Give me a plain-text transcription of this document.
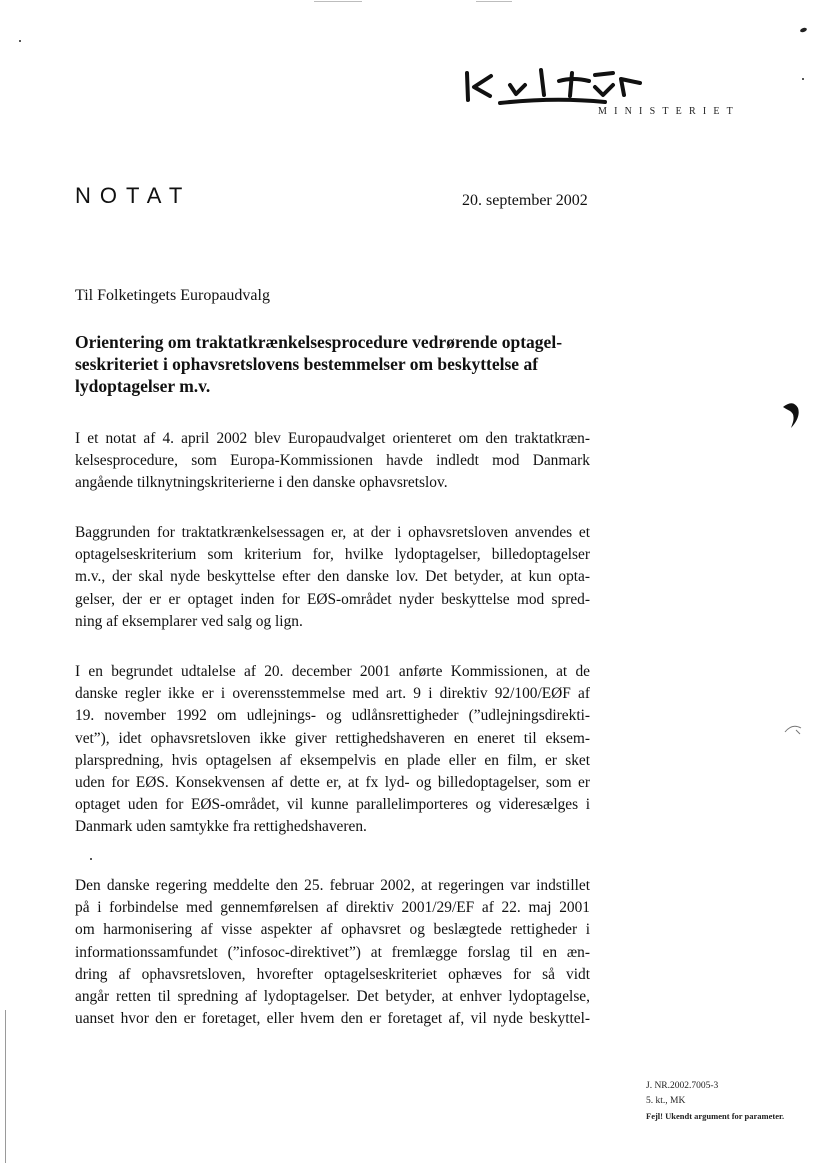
MINISTERIET
NOTAT	20. september 2002
Til Folketingets Europaudvalg
Orientering om traktatkrænkelsesprocedure vedrørende optagel-
seskriteriet i ophavsretslovens bestemmelser om beskyttelse af
lydoptagelser m.v.
I et notat af 4. april 2002 blev Europaudvalget orienteret om den traktatkræn-
kelsesprocedure, som Europa-Kommissionen havde indledt mod Danmark
angående tilknytningskriterierne i den danske ophavsretslov.
Baggrunden for traktatkrænkelsessagen er, at der i ophavsretsloven anvendes et
optagelseskriterium som kriterium for, hvilke lydoptagelser, billedoptagelser
m.v., der skal nyde beskyttelse efter den danske lov. Det betyder, at kun opta-
gelser, der er er optaget inden for EØS-området nyder beskyttelse mod spred-
ning af eksemplarer ved salg og lign.
I en begrundet udtalelse af 20. december 2001 anførte Kommissionen, at de
danske regler ikke er i overensstemmelse med art. 9 i direktiv 92/100/EØF af
19. november 1992 om udlejnings- og udlånsrettigheder (”udlejningsdirekti-
vet”), idet ophavsretsloven ikke giver rettighedshaveren en eneret til eksem-
plarspredning, hvis optagelsen af eksempelvis en plade eller en film, er sket
uden for EØS. Konsekvensen af dette er, at fx lyd- og billedoptagelser, som er
optaget uden for EØS-området, vil kunne parallelimporteres og videresælges i
Danmark uden samtykke fra rettighedshaveren.
Den danske regering meddelte den 25. februar 2002, at regeringen var indstillet
på i forbindelse med gennemførelsen af direktiv 2001/29/EF af 22. maj 2001
om harmonisering af visse aspekter af ophavsret og beslægtede rettigheder i
informationssamfundet (”infosoc-direktivet”) at fremlægge forslag til en æn-
dring af ophavsretsloven, hvorefter optagelseskriteriet ophæves for så vidt
angår retten til spredning af lydoptagelser. Det betyder, at enhver lydoptagelse,
uanset hvor den er foretaget, eller hvem den er foretaget af, vil nyde beskyttel-
J. NR.2002.7005-3
5. kt., MK
Fejl! Ukendt argument for parameter.
